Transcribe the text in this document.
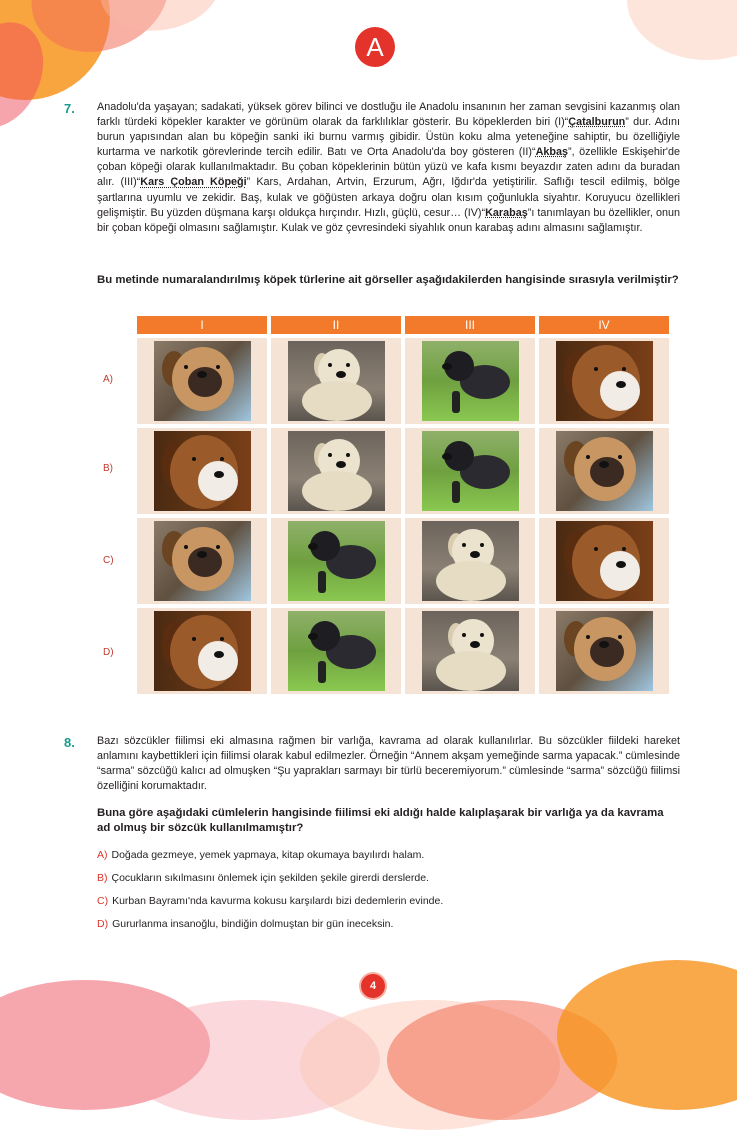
A
7. Anadolu'da yaşayan; sadakati, yüksek görev bilinci ve dostluğu ile Anadolu insanının her zaman sevgisini kazanmış olan farklı türdeki köpekler karakter ve görünüm olarak da farklılıklar gösterir. Bu köpeklerden biri (I)“Çatalburun” dur. Adını burun yapısından alan bu köpeğin sanki iki burnu varmış gibidir. Üstün koku alma yeteneğine sahiptir, bu özelliğiyle kurtarma ve narkotik görevlerinde tercih edilir. Batı ve Orta Anadolu'da boy gösteren (II)“Akbaş”, özellikle Eskişehir'de çoban köpeği olarak kullanılmaktadır. Bu çoban köpeklerinin bütün yüzü ve kafa kısmı beyazdır zaten adını da buradan alır. (III)“Kars Çoban Köpeği” Kars, Ardahan, Artvin, Erzurum, Ağrı, Iğdır'da yetiştirilir. Saflığı tescil edilmiş, bölge şartlarına uyumlu ve zekidir. Baş, kulak ve göğüsten arkaya doğru olan kısım çoğunlukla siyahtır. Koruyucu özellikleri gelişmiştir. Bu yüzden düşmana karşı oldukça hırçındır. Hızlı, güçlü, cesur… (IV)“Karabaş”ı tanımlayan bu özellikler, onun bir çoban köpeği olmasını sağlamıştır. Kulak ve göz çevresindeki siyahlık onun karabaş adını almasını sağlamıştır.
Bu metinde numaralandırılmış köpek türlerine ait görseller aşağıdakilerden hangisinde sırasıyla verilmiştir?
I	II	III	IV

A)
B)
C)
D)
8. Bazı sözcükler fiilimsi eki almasına rağmen bir varlığa, kavrama ad olarak kullanılırlar. Bu sözcükler fiildeki hareket anlamını kaybettikleri için fiilimsi olarak kabul edilmezler. Örneğin “Annem akşam yemeğinde sarma yapacak.” cümlesinde “sarma” sözcüğü kalıcı ad olmuşken “Şu yaprakları sarmayı bir türlü beceremiyorum.” cümlesinde “sarma” sözcüğü fiilimsi özelliğini korumaktadır.
Buna göre aşağıdaki cümlelerin hangisinde fiilimsi eki aldığı halde kalıplaşarak bir varlığa ya da kavrama ad olmuş bir sözcük kullanılmamıştır?
A) Doğada gezmeye, yemek yapmaya, kitap okumaya bayılırdı halam.
B) Çocukların sıkılmasını önlemek için şekilden şekile girerdi derslerde.
C) Kurban Bayramı'nda kavurma kokusu karşılardı bizi dedemlerin evinde.
D) Gururlanma insanoğlu, bindiğin dolmuştan bir gün ineceksin.
4
